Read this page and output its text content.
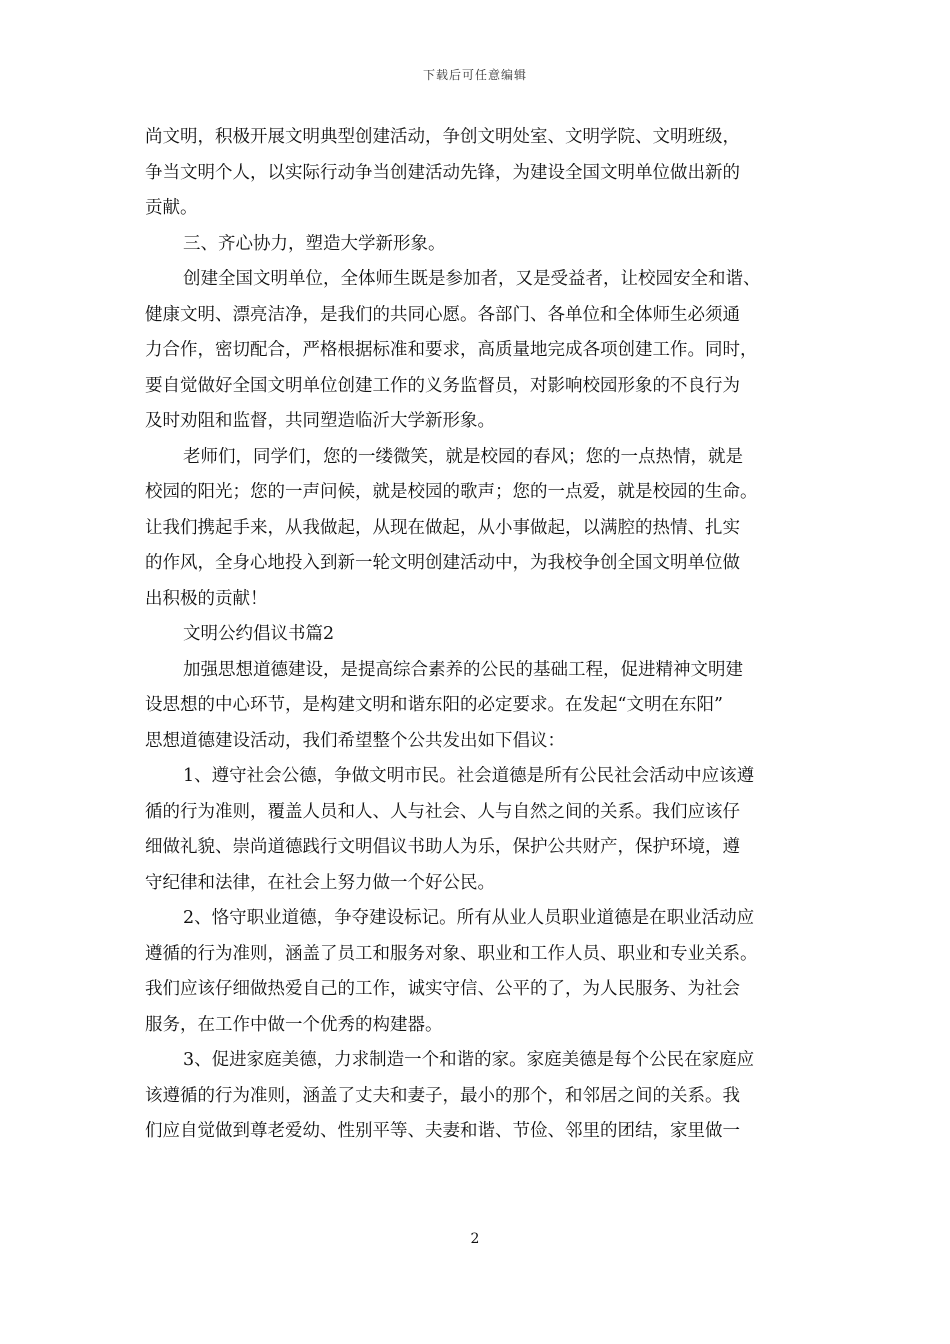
下载后可任意编辑
尚文明，积极开展文明典型创建活动，争创文明处室、文明学院、文明班级，
争当文明个人，以实际行动争当创建活动先锋，为建设全国文明单位做出新的
贡献。
三、齐心协力，塑造大学新形象。
创建全国文明单位，全体师生既是参加者，又是受益者，让校园安全和谐、
健康文明、漂亮洁净，是我们的共同心愿。各部门、各单位和全体师生必须通
力合作，密切配合，严格根据标准和要求，高质量地完成各项创建工作。同时，
要自觉做好全国文明单位创建工作的义务监督员，对影响校园形象的不良行为
及时劝阻和监督，共同塑造临沂大学新形象。
老师们，同学们，您的一缕微笑，就是校园的春风；您的一点热情，就是
校园的阳光；您的一声问候，就是校园的歌声；您的一点爱，就是校园的生命。
让我们携起手来，从我做起，从现在做起，从小事做起，以满腔的热情、扎实
的作风，全身心地投入到新一轮文明创建活动中，为我校争创全国文明单位做
出积极的贡献！
文明公约倡议书篇2
加强思想道德建设，是提高综合素养的公民的基础工程，促进精神文明建
设思想的中心环节，是构建文明和谐东阳的必定要求。在发起“文明在东阳”
思想道德建设活动，我们希望整个公共发出如下倡议：
1、遵守社会公德，争做文明市民。社会道德是所有公民社会活动中应该遵
循的行为准则，覆盖人员和人、人与社会、人与自然之间的关系。我们应该仔
细做礼貌、崇尚道德践行文明倡议书助人为乐，保护公共财产，保护环境，遵
守纪律和法律，在社会上努力做一个好公民。
2、恪守职业道德，争夺建设标记。所有从业人员职业道德是在职业活动应
遵循的行为准则，涵盖了员工和服务对象、职业和工作人员、职业和专业关系。
我们应该仔细做热爱自己的工作，诚实守信、公平的了，为人民服务、为社会
服务，在工作中做一个优秀的构建器。
3、促进家庭美德，力求制造一个和谐的家。家庭美德是每个公民在家庭应
该遵循的行为准则，涵盖了丈夫和妻子，最小的那个，和邻居之间的关系。我
们应自觉做到尊老爱幼、性别平等、夫妻和谐、节俭、邻里的团结，家里做一
2
